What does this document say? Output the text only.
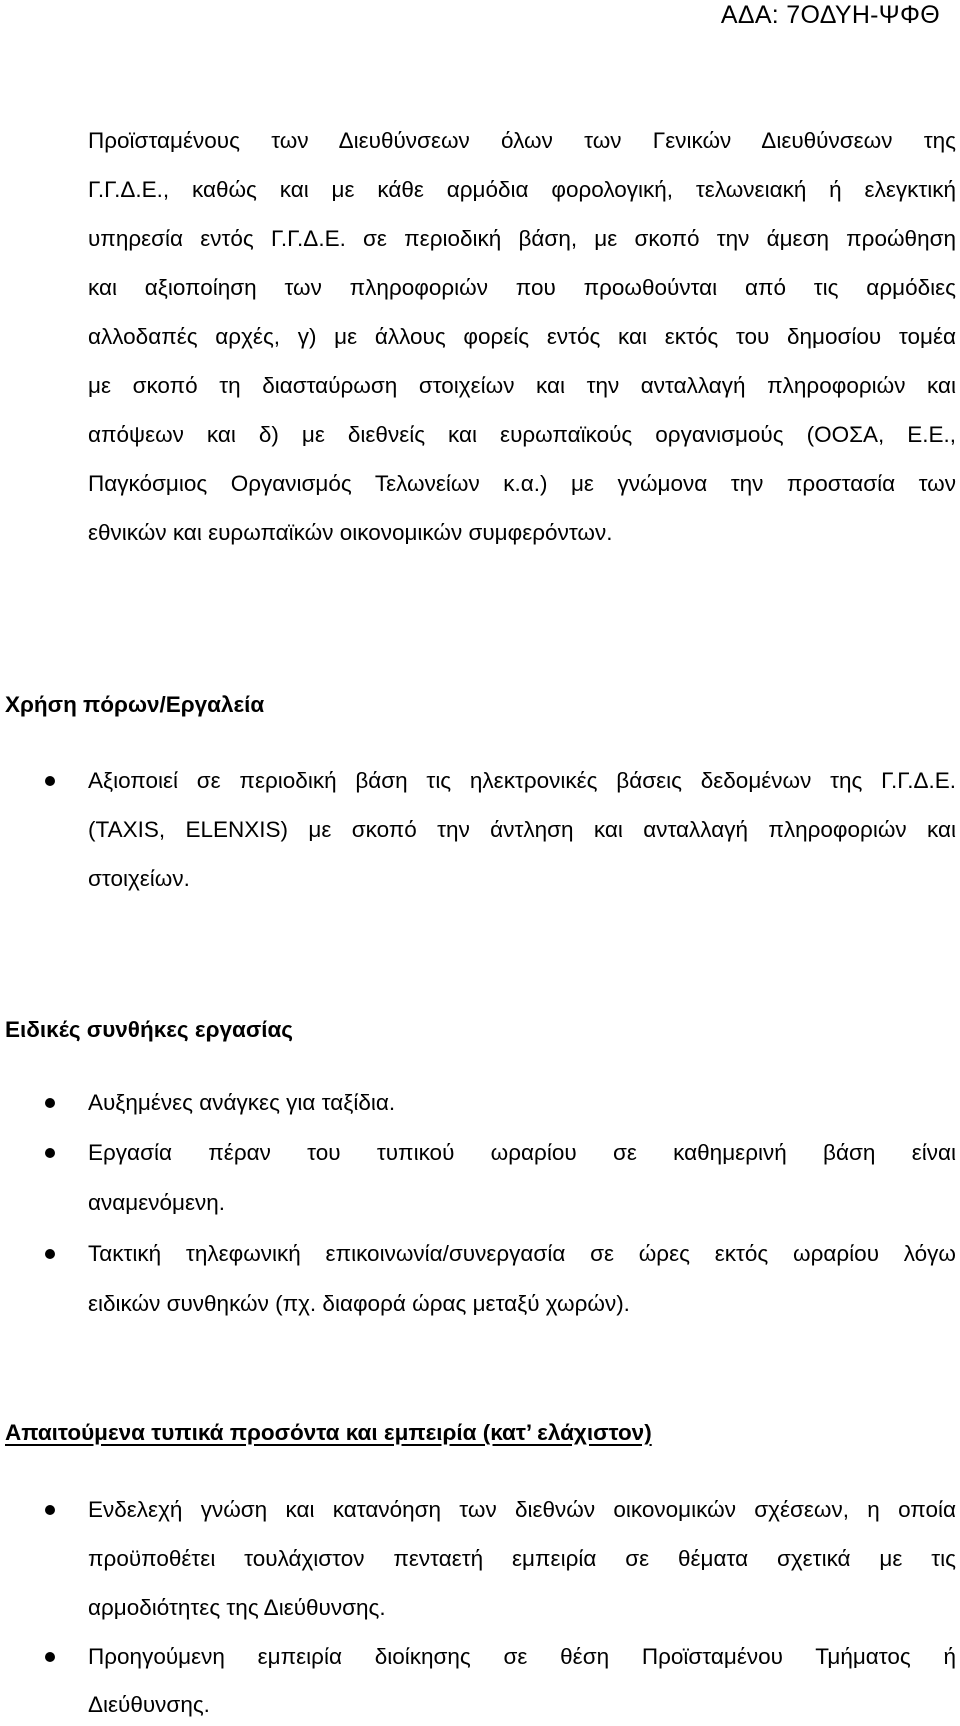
ΑΔΑ: 7ΟΔΥΗ-ΨΦΘ
Προϊσταμένους των Διευθύνσεων όλων των Γενικών Διευθύνσεων της
Γ.Γ.Δ.Ε., καθώς και με κάθε αρμόδια φορολογική, τελωνειακή ή ελεγκτική
υπηρεσία εντός Γ.Γ.Δ.Ε. σε περιοδική βάση, με σκοπό την άμεση προώθηση
και αξιοποίηση των πληροφοριών που προωθούνται από τις αρμόδιες
αλλοδαπές αρχές, γ) με άλλους φορείς εντός και εκτός του δημοσίου τομέα
με σκοπό τη διασταύρωση στοιχείων και την ανταλλαγή πληροφοριών και
απόψεων και δ) με διεθνείς και ευρωπαϊκούς οργανισμούς (ΟΟΣΑ, Ε.Ε.,
Παγκόσμιος Οργανισμός Τελωνείων κ.α.) με γνώμονα την προστασία των
εθνικών και ευρωπαϊκών οικονομικών συμφερόντων.
Χρήση πόρων/Εργαλεία
Αξιοποιεί σε περιοδική βάση τις ηλεκτρονικές βάσεις δεδομένων της Γ.Γ.Δ.Ε.
(TAXIS, ELENXIS) με σκοπό την άντληση και ανταλλαγή πληροφοριών και
στοιχείων.
Ειδικές συνθήκες εργασίας
Αυξημένες ανάγκες για ταξίδια.
Εργασία πέραν του τυπικού ωραρίου σε καθημερινή βάση είναι
αναμενόμενη.
Τακτική τηλεφωνική επικοινωνία/συνεργασία σε ώρες εκτός ωραρίου λόγω
ειδικών συνθηκών (πχ. διαφορά ώρας μεταξύ χωρών).
Απαιτούμενα τυπικά προσόντα και εμπειρία (κατ’ ελάχιστον)
Ενδελεχή γνώση και κατανόηση των διεθνών οικονομικών σχέσεων, η οποία
προϋποθέτει τουλάχιστον πενταετή εμπειρία σε θέματα σχετικά με τις
αρμοδιότητες της Διεύθυνσης.
Προηγούμενη εμπειρία διοίκησης σε θέση Προϊσταμένου Τμήματος ή
Διεύθυνσης.
